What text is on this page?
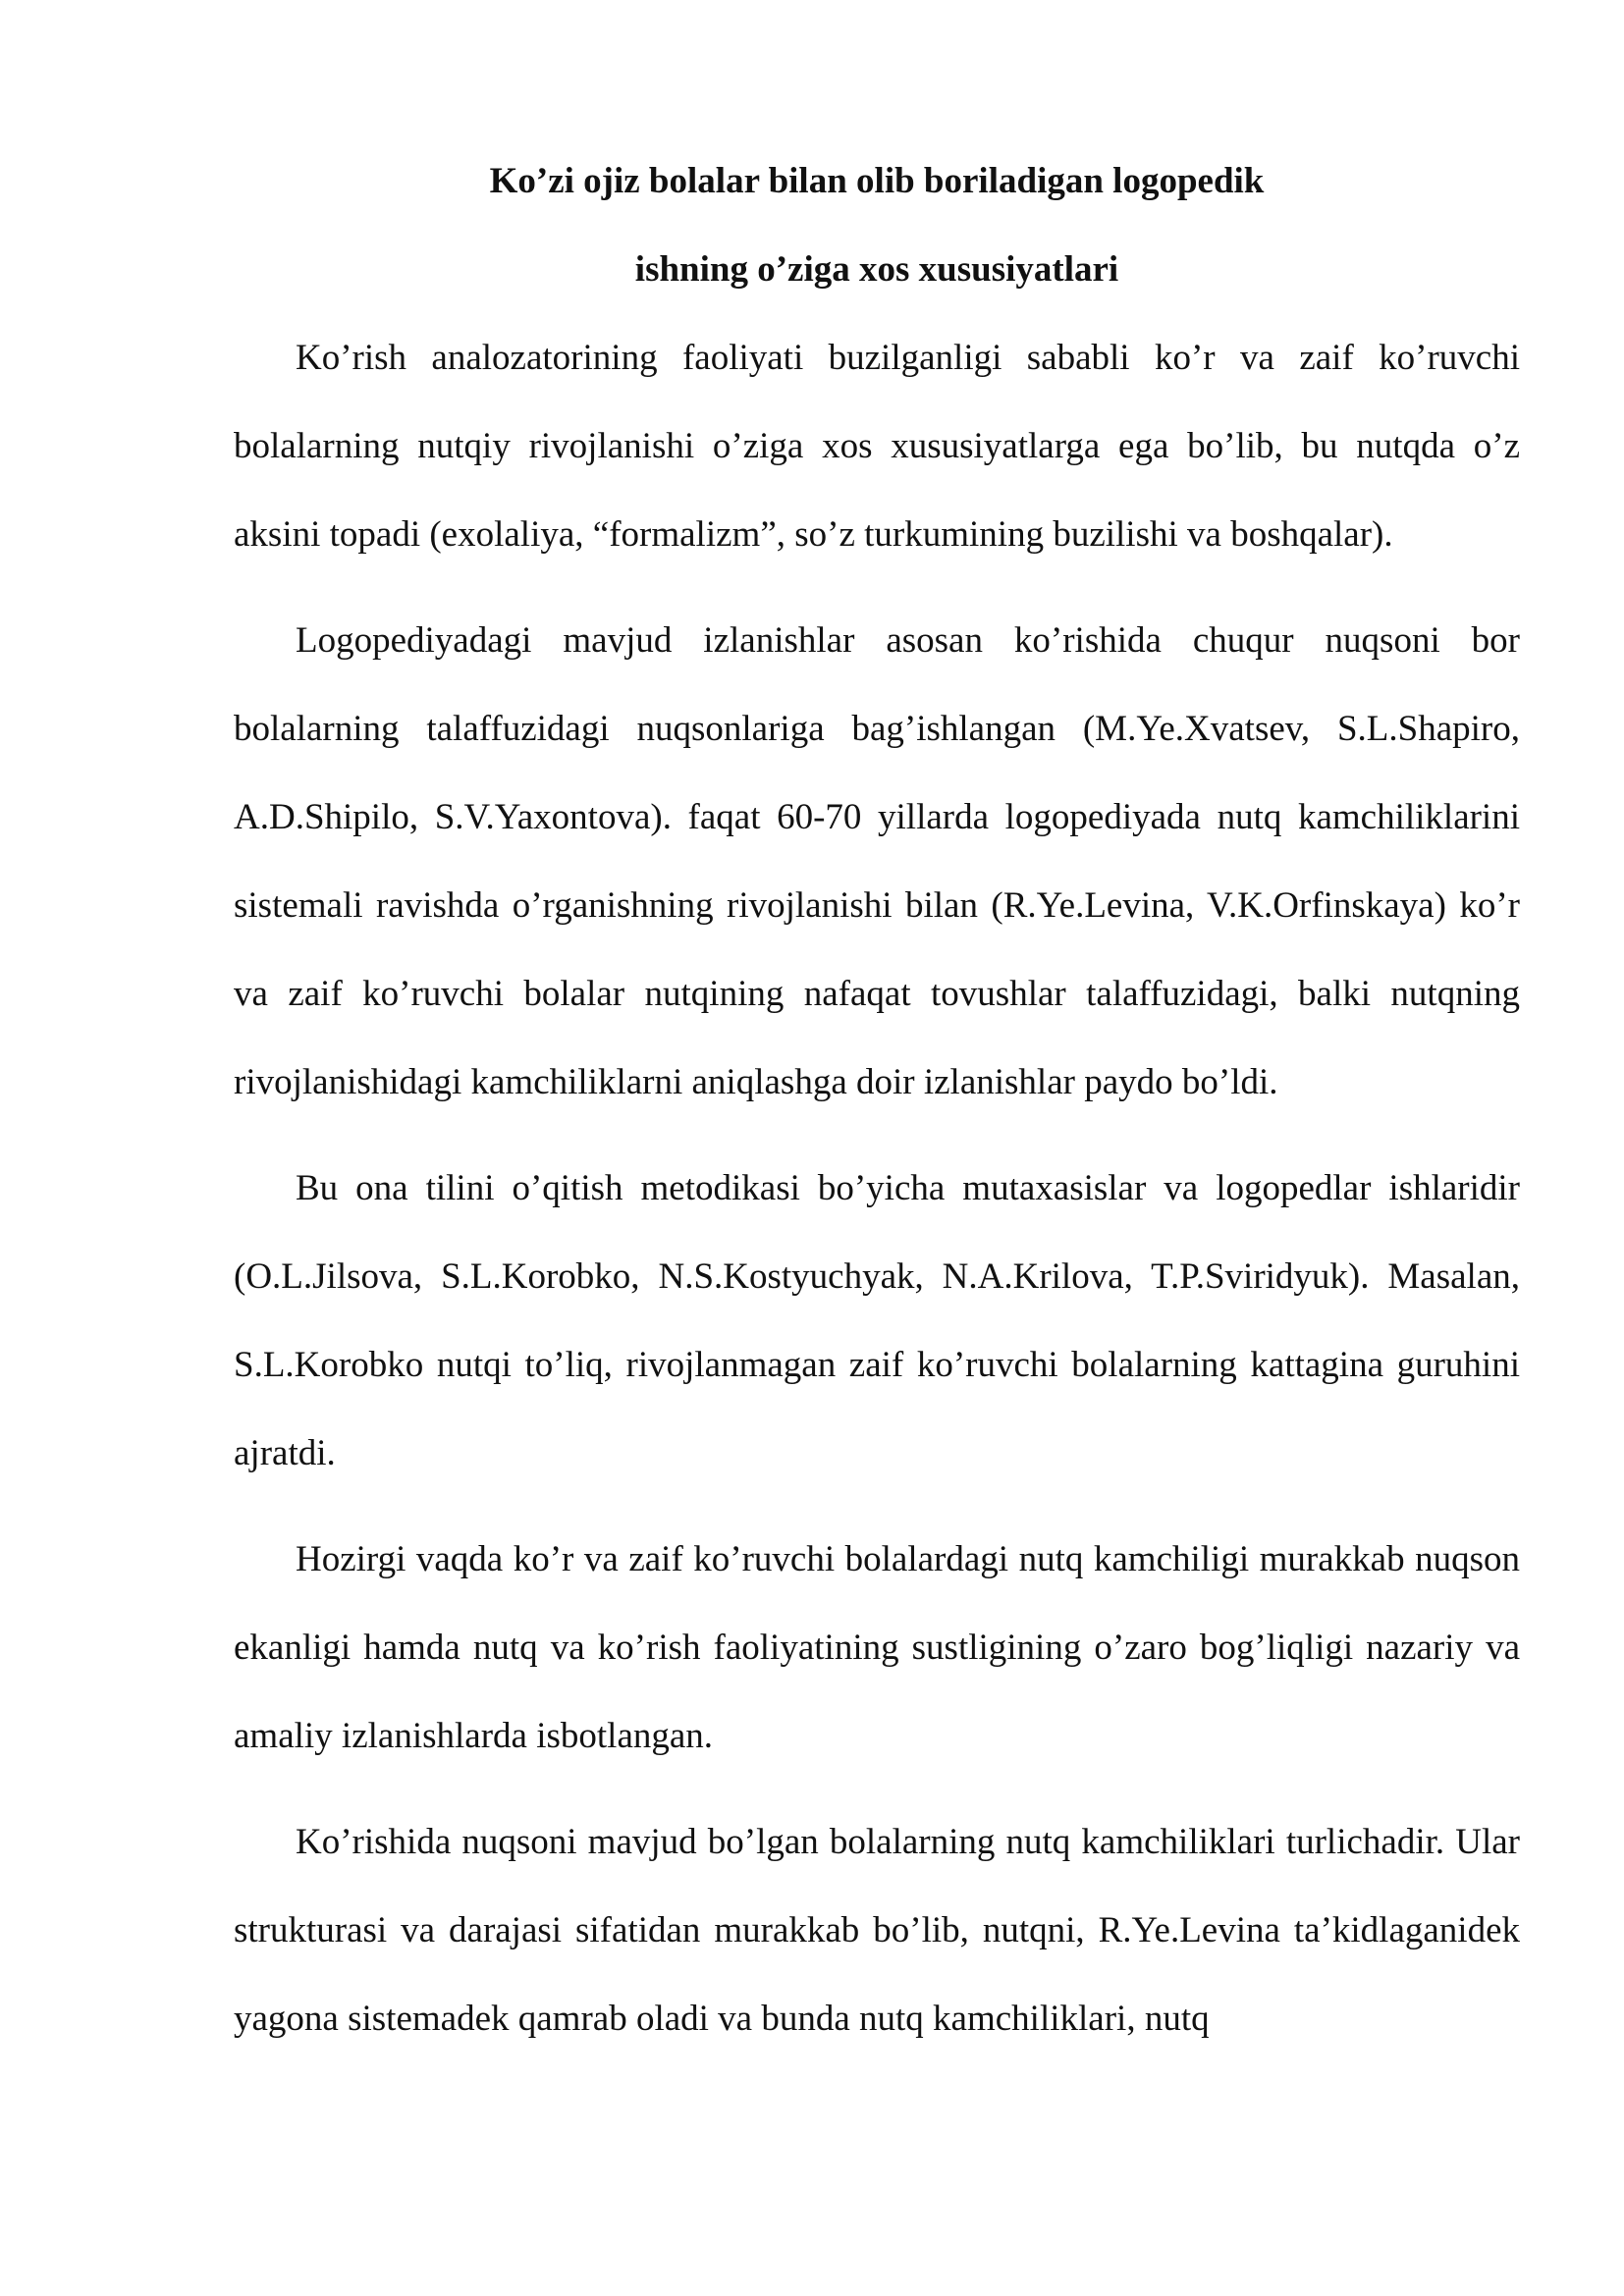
Ko’zi ojiz bolalar bilan olib boriladigan logopedik

ishning o’ziga xos xususiyatlari

Ko’rish analozatorining faoliyati buzilganligi sababli ko’r va zaif ko’ruvchi bolalarning nutqiy rivojlanishi o’ziga xos xususiyatlarga ega bo’lib, bu nutqda o’z aksini topadi (exolaliya, “formalizm”, so’z turkumining buzilishi va boshqalar).

Logopediyadagi mavjud izlanishlar asosan ko’rishida chuqur nuqsoni bor bolalarning talaffuzidagi nuqsonlariga bag’ishlangan (M.Ye.Xvatsev, S.L.Shapiro, A.D.Shipilo, S.V.Yaxontova). faqat 60-70 yillarda logopediyada nutq kamchiliklarini sistemali ravishda o’rganishning rivojlanishi bilan (R.Ye.Levina, V.K.Orfinskaya) ko’r va zaif ko’ruvchi bolalar nutqining nafaqat tovushlar talaffuzidagi, balki nutqning rivojlanishidagi kamchiliklarni aniqlashga doir izlanishlar paydo bo’ldi.

Bu ona tilini o’qitish metodikasi bo’yicha mutaxasislar va logopedlar ishlaridir (O.L.Jilsova, S.L.Korobko, N.S.Kostyuchyak, N.A.Krilova, T.P.Sviridyuk). Masalan, S.L.Korobko nutqi to’liq, rivojlanmagan zaif ko’ruvchi bolalarning kattagina guruhini ajratdi.

Hozirgi vaqda ko’r va zaif ko’ruvchi bolalardagi nutq kamchiligi murakkab nuqson ekanligi hamda nutq va ko’rish faoliyatining sustligining o’zaro bog’liqligi nazariy va amaliy izlanishlarda isbotlangan.

Ko’rishida nuqsoni mavjud bo’lgan bolalarning nutq kamchiliklari turlichadir. Ular strukturasi va darajasi sifatidan murakkab bo’lib, nutqni, R.Ye.Levina ta’kidlaganidek yagona sistemadek qamrab oladi va bunda nutq kamchiliklari, nutq
